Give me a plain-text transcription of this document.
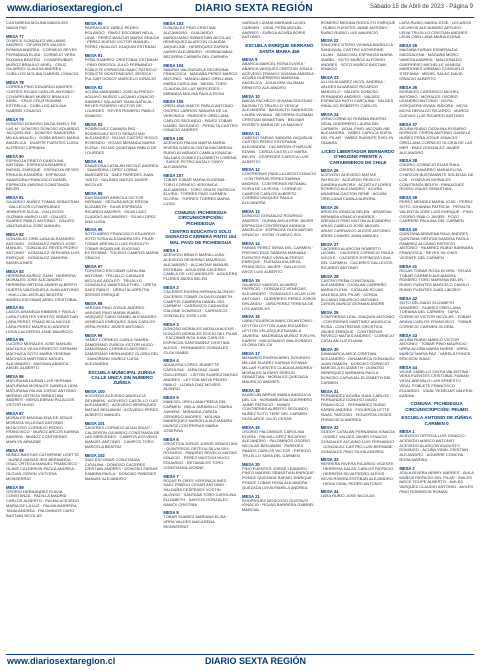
www.diariosextaregion.cl	DIARIO SEXTA REGIÓN	Sábado 15 de Abril de 2023 - Página 9
CASTAÑEDA MOLINA MADOLEIS NADIA PAZ
MESA 77
OYARCE GONZALEZ WILLIAMS ANDRES · CIFUENTES VALDES ROMINA ANDREA · CORNEJO REYES FERNANDA ELISA · CORNEJO VERA ROXANA BEATRIZ · COVARRUBIAS MUÑOZ BRAULIO ARIEL · CRUZ GAJARDO CLAUDIA ANDREA · CUBILLOS MOLINA GABRIEL IGNACIO
MESA 78
CORREA PINO EDUARDO ANDRES · CORTES ROJAS CARLOS ANTONIO · COVARRUBIAS MUÑOZ BRAULIO ARIEL · CRUZ CRUZ ROMINA ESTRELLA · CUBILLOS MOLINA GABRIEL IGNACIO
MESA 79
DONOSO DONOSO NILDA EMELY DE LAS M · DONOSO DONOSO EDUARDO JACQUELINE · DONOSO SAAVEDRA MILKA ARACELI · DOÑA BRAVO MARIA ANGELICA · DUARTE FUENTES LUISA ALFREDO CIPRIANA
MESA 80
ESPINOZA PRIETO CAROLINA ANTONIA · ESPINOZA RAMIREZ RAFAEL ENRIQUE · ESPINOZA REYES ERIKA ALEJANDRA · ESPINOZA SAAVEDRA FRANCISCO DANIEL · ESPINOZA VARGAS CONSTANZA BELEN
MESA 81
GAJARDO NUÑEZ TOMAS SEBASTIAN · GALLEGOS COVARRUBIAS JENNIFER ALEJA · GALLEGOS GUZMAN MARIO LUIS · GALVEZ SUAREZ PABLO ANTONIO · GALVEZ VALENZUELA JOSE MANUEL
MESA 82
GONZALEZ ORELLANA ALEJANDRO ANTONIO · GONZALEZ PARDO JOSE MANUEL · GONZALEZ REYES PEDRO ANTONIO · GONZALEZ VERGARA LUIS ENRIQUE · GONZALEZ ZAMORA ANGELA INES
MESA 83
HERRERA MUÑOZ JUAN · HERRERA MORALES JOSE ALEJANDRO · HERRERA ORTEGA JAVIER ALBERTO · HUERTA VALENZUELA JUAN ANTONIO · HUILLCAL ANTILAO BEATRIZ · IBARRA ESCOBAR ARIEL CRISTOBAL
MESA 84
LAGOS ARANEDA KIMBERLY PAOLA · LARA FUENTES VIENTOS SEBASTIAN · LARA PEREZ FRANCISCA NICOLE · LARA PEREZ MAURICIO ANDRES · LEIVA CALDERON JANE MAURICIO
MESA 85
LUCERO MORALES JOSE MANUEL · MACHUCA VEGA ERNESTO GERMAN · MACHUCA SOTO MARIA YESENIA · MACHUCA MARTINEZ MIGUEL ALEJANDRO · MAGNAN ABARCA ANGEL ALBERTO
MESA 86
MATURANA DURAN LUIS HERNAN · MATURANA MORALES DANIELA LIDIA · MATURANA PALMA JORGE ANTONIO · MERINO ORTEGA SEBASTIAN ANDRES · MERZLEBRAN PALACIOS VICTOR HUGO
MESA 87
MORALES MAGDALENA DE JESUS · MORAGA VILLEGAS ANTONIO · MOSCOSO CORNEJO PEDRO FRANCISCO · MUÑOZ ARCOS KARINA ANDREA · MUÑOZ CONTRERAS MARLYN ARIADNE
MESA 88
NUÑEZ BASTIAS CATHERINE LISETTE · NUÑEZ MASIAS IRIS BERNARDA · OSAC ORTEGA MANUEL FRANCISCO · OLAVE CALDERON PAOLA ANDREA · OLGUIN CERON VICTORIA MONSERRAT
MESA 89
OSORIO HERNANDEZ FLAVIA CONSTANZA · PADILLA MADRID CARLOS ALBERTO · PALMA ACEVEDO MARIA DE LA LUZ · PALMA BARRERA TANIA ANDREA · PALOMINOS CARO BASTIAN NICOLAS
MESA 90
PARRAGUEZ YAÑEZ PEDRO ROLANDO · PAVEZ ESCOBAR NELA LIDIA · PEREZ BASCUR MARIA GRACIA · PEREZ BUENO VICTOR MANUEL · PEREZ HIDALGO JOAQUIN ESTEBAN
MESA 91
PEÑA RAMIREZ CRISTOBAL ESTEBAN · PINO ORIOSOL JULIO FERNANDO · POBLETE ESPINOZA ISAAC PATRICIO · POBLETE MONTENEGRO JESSICA · PULGAR GODOY MARCELO IGNACIO
MESA 92
ACUÑA MARAMBIO JOSE ALFREDO · AGUAYO MUÑOZ LUCIANO IGNACIO · RAMIREZ SALAZAR TANIA NATALIA · REYES PIZARRO HECTOR DE LOURDES · REYES ROMERO PABLO IGNACIO
MESA 93
RODRIGUEZ CAMARA PAZ · RODRIGUEZ SOTO SEBASTIAN ALEJANDRO · ROJAS CASTRO ROCIO ROSENDO · ROJAS MIRANDA MARIA ELENA · ROJAS QUINTANA PABLO DE LOURDES
MESA 94
SAAVEDRA CATALAN NICOLE ANDREA · SAAVEDRA LOPEZ LORNA MARGARITA · SAEZ PAREDES JUAN JUSTO · SALINAS MATUS JAVIER NICOLAS
MESA 95
SANTANDER ARRIOLA VICTOR HERNAN · SEGURA ARCE ERESA ELIZABETH · SILVA ESPINOZA RICARDO ANDRES · SILVA LAZO CLAUDIO ALEJANDRO · SILVA LOPEZ ANA LUISA
MESA 96
SOTO ABRIO FRANCISCO EDUARDO · SOTO SOSA ALEJANDRA DEL PILAR · TOBAR AREVALO LUIS RODOLFO · TOBAR RIQUELME EUGENIO ESTEFANIA · TOLEDO CAMPOS MARIA GRACIA
MESA 97
TOROSSO ESCOBAR CATALINA ANTONIA · TRUJILLO CANALES NICOLAS ADOLFO · TRUJILLO GONZALEZ VANESSA ETHEL · URETA SAEZ PABLO · URRUTIA URRUTIA SERGIO ENRIQUE
MESA 98
VARGAS PINO JOSUE ANDRES · VARGAS PINO MARIA ISABEL · VASQUEZ CARO DANIEL ALEJANDRO · VENEGAS ENRIQUEZ JUAN CARLOS · VERA PEREZ JAVIER ANTONIO
MESA 99
YAÑEZ CORNEJO CARLA YANIRA · ZAMORANO ZUÑIGA VICTOR HUGO · ZAMORANO CORNEJO ANTONIO · ZAMORANO HERNANDEZ GLORIA DEL · ZAMORANO MUÑOZ LUISA ALEJANDRA
ESCUELA MUNICIPAL ZUÑIGA CALLE UNICA SIN NUMERO ZUÑIGA
MESA 100
ACEVEDO ACEVEDO ANGELICA DEYANIRA · ACEVEDO CASTILLO LUIS ALEJANDRO · ACEVEDO HENRIQUEZ MATIAS BENJAMIN · ACEVEDO PEREZ ALBERTO MANUEL
MESA 101
CACERES CORNEJO ADAN ISAAC · CALDERON GAJARDO CONSTANZA DE LAS MERCEDES · CAMPOS ACEVEDO MANUEL ANTONIO · CAMPOS TORO MARCELA BEATRIZ
MESA 102
DIAZ ESCOBAR CONSTANZA CATALINA · DONOSO CACERES CRISTIAN ANDRES · DONOSO FARIAS SANDRA PAOLA · DONOSO PAREDES MANUEL ALEJANDRO
MESA 103
GONZALEZ PINO CRISTIAN ALEJANDRO · GUAJARDO MANDUJANO SEBASTIAN NICOLAS · HENRIQUEZ ALARCON CLAUDIA JAQUELINE · HENRIQUEZ ZAPATA JAVIER ALEJANDRO · HORMAZABAL BECERRA CARMEN DEL CARMEN
MESA 104
MADRID VALENZUELA GEORGINA FRANCISCA · MAGAÑA PEREZ MARCO ANTONIO · MANDUJANO ORELLANA MARIA CAROLINA · MEDEL TORO CLAUDIA DE LAS MERCEDES · MIRANDA MOLINA PAOLA ROSA
MESA 105
ORELLANA VIAETE PABLO ANTONIO · OSORIO LARRON SANDRA DE LA VERONICA · PAREDES ORELLANA CARLOS SEGUNDO · PAVEZ TOBAR DANIEL SEGUNDO · PERALTA CASTRO IGNACIO ANDRES
MESA 106
ACEVEDO PALMA MARTA MARIA · RIVERA GARCIA CINTIA MACARENA · RUBIO ALVARADO CAMILA IGNACIA · SALDIAS GOMEZ ELIZABETH LORENA · SARCE PETRO NATALY CINDY ALEJANDRA
MESA 107
TOBAR TOBAR MARIA EUGENIA · TORO CORNEJO VERONICA ALEJANDRA · TORO ORATE PATRICIA ELVIRA · TORRES PINO CARMEN GLORIA · TORRES TORRES MARIA LUISA
COMUNA: PICHIDEGUA CIRCUNSCRIPCIÓN: PICHIDEGUA
CENTRO EDUCATIVO SOLO SIGNACIO CARRERA PINTO 164 MAL PASO DE PICHIDEGUA
MESA 1
ACEVEDO BRAVO MARIA LUISA · ACEVEDO SEVERINO MAURICIO ALEJANDRO · ALCANTAR MANUEL ESTEBAN · AGUILERA CACERES CAMILA DE LOS ANGELES · AGUILERA FLORES MARIA BELEN
MESA 2
CACERES RIVERA HERNAN ALONSO · CACERES TOBAR OLGA ELIZABETH · CAMPOS CABRERA DANIEL DEL CARMEN · CARRASCO CADAVIDA GALOME DOMINGO · CARRASCO GONZALEZ JOSE LUIS
MESA 3
DONOSO MORALES NATALIA ALEXIS · DONOSO MORALES ROCIO DEL PILAR · ESCOBAR ROA JUAN CARLOS · ESPINOZA SANTIBAÑEZ CRISTIAN ALEXIS · FERNANDEZ GONZALEZ OLGA ISABEL
MESA 4
AGUILERA LOPEZ JEANETTE CAROLINA · JARA DIAZ JUAN GUILLERMO · LISTON SUAREZ MATIAS ANDRES · LEYTON MOYA PEDRO PABLO · LIZANA DIAZ MOISES ALONSO
MESA 5
MARCIEL ORELLANA FREDA DEL CARMEN · MELA JARAMILLO MARIA JAVIERA · MIRANDA ZAPATA GERARDO ANDRES · MOLINA MANRIQUEZ MARCELA ALEJANDRA · MUNOZ CONTRERAS MARIA JOSEFINA
MESA 6
OROSTICA JORGE JORGE SEBASTIAN · QUINTEROS ORTEGA SILVIA DEL ROSARIO · PANDINO REVECO MATIAS IGNACIO · PEREZ MASTICH HUGO EDUARDO · RETAMALES TORO CONSTANZA IVONNE
MESA 7
ROJAS FLORES VERONICA INES · SAEZ PINEDO CESAR ANTONIO · SALDAÑA CESPEDES YOSTIN ALONSO · SANTANA TORO CAROLINA ELIZABETH · SANTOS GONZALEZ NANCY CRISTINA
MESA 8
TOBAR SUAREZ MARIANA ELISA · URRA VALDES MACARENA MONSERRAT
VARGAS LIZANA MARIANELA DEL CARMEN · VIDAL PEÑA MIGUEL ANDRES · ZUÑIGA ACUÑA BORIS ANTONIO
ESCUELA ENRIQUE SERRANO SANTA MARIA 456
MESA 9
ABARCA MARCEL ROSA ELVIRA · ABARCA VASQUEZ CRISTIAN JONAS · ACEVEDO FRANCO VIVIANA ANDREA · ACUÑA GUERRERO MARIANA ANGELICA · AGUILERA GUZMAN ERNESTO ALEJANDRO
MESA 10
BAEZA PACHECO VIVIANA SOLEDAD · BASUALTO TRUJILLO YESICA ALEJANDRA · BASUALTO SANHUEZA LAURA VIVIANA · BECERRA GUZMAN CRISTIAN SEBASTIAN · BELMAR ROSSETI MARIA DE LA MAGALY
MESA 11
CABEDO TAPIAS SANDRA YAQUELIN · CASTRO PEREZ ESTEFANIA ALEJANDRA · CALDERON OYARZUN EDWIN · CERDA CASTILLO MARIA BELEN · CESPEDES CAROCA LUIS ALBERTO
MESA 12
CONTRERAS PADILLA DIEGO IGNACIO · CONTRERAS PEREZ KARINA ANDREA · CONTRERAS RETAMAL SOFIA DE LA ROSA · CORNEJO CAMPOS CARLOS ALBERTO · CORREA VASQUEZ PAULA ALEJANDRA
MESA 13
DONOSO GONZALEZ RODRIGO ANDRES · DURAN AVILA ERIK JAVIER · ESPINOZA CONTRERAS MONICA ANGELICA · ESPINOZA OLEA MATIAS IGNACIO · ESTAY OYARZO SOL
MESA 14
FARIAS PEREZ SENIA DEL CARMEN · FRESNO RUIZ SANDRA MARIANA · FUENTES PAEZ VERA ALFREDO ENRIQUE · FUENZALIDA MEZA FRANCISCO JAVIER · GALLEGOS ARCE LUIS ALBERTO
MESA 15
GAJARDO MARCEL ALVAREZ PATRICIO · GONZALEZ VENEGAS ALEJANDRO · GONZALEZ LUCAS LUIS ANTONIO · GUERRERO PEREZ JORGE ORLANDO · JARA PEREZ TERESA DE LOS ANGELES
MESA 16
LARA FIGUEROA MARCOS ANTONIO · LEYTON LEYTON JUAN EDUARDO · LEYTON VELASQUEZ DANIELA JAVIERA · MADRIAGA MUÑOZ EVELYN KAREN · MALDONADO MALDONADO GLORIA DEL CA
MESA 17
MENARES RIVERA ARIEL RODRIGO · MILLAR SUAREZ KARINA YOVANA · MILLAR FUENTES CLAUDIA ANDREA · MORALES ALFARO SERGIO SEBASTIAN · MORALES QUEZADA MAURICIO ANDRES
MESA 18
ALARCON ARRUE MARIA ANGELICA DEL CA · NORAMBUENA GUERRERO JAIME PATRICIO · NUNEZ CONTRERAS ALBERTO SEGUNDO · NUÑEZ SOTO TERE DEL CARMEN · OLEA ARCE JULIO CESAR
MESA 19
OSORIO PALOMINOS CAROLINA ELVIRA · PALMA LOPEZ RICARDO ALEJANDRO · PALOMINOS OSORIO NICOLAS BENJAMIN · PAREDES RAMOS CARLOS VICTOR · PEREDO TRUJILLO SARA DEL CARMEN
MESA 20
PINO FUENTES JORGE LEANDRO · PINTO MADRID SEBASTIAN ENRIQUE · PONCE QUEZADA RAFAEL ENRIQUE · PONCE TOBAR ROSA ALEJANDRA · QUEZADA LEIVA PAMELA ANDREA
MESA 21
RODRIGUEZ MOSCOSO GUSTAVO IGNACIO · ROJAS BARRERA GABRIEL MARCIAL
ROMERO MEDINA RODOLFO ENRIQUE · RUBIO FUENTES JAIME ANTONIO · RUBIO RUBIO LUIS MAURICIO
MESA 22
SANCHEZ OTERO VIVIANA ANGELICA · SANDOVAL CASTRO KATHERINE LILIAN · SANDOVAL ESPINOZA MARIA ISABEL · SOTO MUÑOZ ALFONSO ANDRES · SOTO MUÑOZ BASTIAN IGNACIO
MESA 23
ULLOA ALVAREZ NICOL ANDREA · VALDES ALVARADO RICARDO MARCELO · VALDES DONOSO FERNANDO ANDRES · VALDES ESPINOZA RUTH CAROLINA · VALDES HIDALGO ROBERTO CARLOS
MESA 24
VERA CORNEJO ROMINA BEATRIZ · VIDAL GUERRERO LAURA DEL CARMEN · VIDAL PINO JACQUELINE ALEJANDRA · YAÑEZ CAROCA SOFIA DEL PILAR · YAÑEZ RUMINTE EVELYN TAMARA
LICEO LIBERTADOR BERNARDO O'HIGGINS FRENTE A CARABINEROS DE CHILE
MESA 25
ACEVEDO ACEVEDO MATIAS PATRICIO · ACEVEDO REVECO SANDRA AURORA · ACOSTA FLORES RODRIGO ALEJANDRO · ACUÑA ARAVENA GASTON RENE · ACUÑA ORELLANA CAMILA AURORA
MESA 26
ARDILES IGNACIA BELEN · ARAVENA MIRANDA IGNACIO ANDRES · AREVALO PINO MILTON ALEJANDRO · ARIAS CABELLO JOSE MIGUEL · ARIAS CARRASCO ALEXIS ANTONIO · ARIAS CHAVEZ JUAN MANUEL
MESA 27
CACERES ALARCON ROBERTO LEONEL · CACERES CORNEJO PAULA NICOLE · CACERES ESPINOZA LIDIA DEL CARMEN · CACERES GALLEGOS RICARDO ANTONIO
MESA 28
CASTRO PEÑA CONSTANZA ALEJANDRA · CATALAN CARREÑO MARIA ELENA · CATALAN ROJAS VALESKA DEL PILAR · CERDA ALCAINO MAURICIO ANTONIO · CERON MUÑOZ GERMAN ANDRE
MESA 29
CONTRERAS LEAL JOAQUIN ANTONIO · CONTRERAS MARTINEZ ANGELICA ROSA · CONTRERAS OROSTICA JAVIER ENRIQUE · CONTRERAS REVECO MATIAS ANDRES · CORNEJO CATALAN LUZ ELIANA
MESA 30
DINAMARCA ARCE CRISTIAN ALEJANDRO · DINAMARCA GONZALEZ JUAN RAMON · DONOSO CORNEJO MARCELA ELIZABETH · DONOSO HENRIQUEZ BARBARA PAOLA · DONOSO CARVAJAL ELIZABETH DEL CARMEN
MESA 31
FERNANDEZ ACUÑA JUAN CARLOS · FERNANDEZ DONOSO DAVID FRANCISCO · FERNANDEZ RUBIO KAREN ANDREA · FIGUEROA LETTE ISAAC TARCISIO · FIGUEROA OSSES FRANCISCA ANDREA
MESA 32
GODOY CATALAN FERNANDA IGNACIA · GOMEZ VALDES JAVIER IGNACIO · GONZALEZ ALCAINO LUIS FERNANDO · GONZALEZ CASTRO LUIS BERNABE · GONZALEZ PINO SILVIA ANDREA
MESA 33
HERRERA RIVERA RICARDO VICENTE · HERRERA SALAS CARLOS PATRICIO · HERRERA SILVA PEDRO ALEXIS · HEVIA RIVERA ESTEBAN ALEJANDRO · HEVIA VIDAL PEDRO ANTONIO
MESA 34
LARA RUBIO JOSE NICOLAS
LARA RUBIO MARIA JOSE · LECAROS LECAROS ALEJANDRO ARTURO · LEIVA TRUJILLO CRISTIAN ANDRES · LEON ORELLANA MARIA ELENA
MESA 35
MAGAÑA FARIAS ESMERALDA MAGDALENA · MAGAÑA MORO VANESA ANDREA · MALDONADO GUERRERO MICHELLE VANESA · MARDONES URBANO CONSUELO STEFANIA · MEDEL SALAS DAVID IGNACIO ALBERTO
MESA 36
MORALES CARRASCO MICHEL ANTONIO · MORALES OSORIO LEANDRO ANTONIO · MOYA JORQUERA VIVIAN ISIDORA · MOYA MOYA HERALDO RICARDO · MUÑOZ CUEVAS LUIS RICARDO ANTONIO
MESA 37
ACUÑA RUBIO CATALINA ROSARIO · NORIEGE CERON ANTONIO DANIELA · NUÑEZ PEÑA JOSUE IGNACIO · ORELLANA CORNEJO GLORIA DE LAS MER · PAEZ GONZALEZ JAVIER ALEJANDRO
MESA 38
OSORIO CORNEJO ELIAS RAUL · OSORIO NAVARRO MARIA ELISA · CYARZUN BUSTAMANTE SOLEDAD DE LOS · OYARZUN MORALES CONSTANZA BELEN · PANIAGUEZ ROSSO ISAIAS SEBASTIAN
MESA 39
PEREZ MENDEZ MARIA JOSE · PEREZ SOTO JOHANNA PATRICIA · PERALTA VALENTIN JOSE LUIS ENRIQUE · PINO OSORIO PABLO JAVIER · POZO CARRERE PAULINA DEL CARMEN
MESA 40
QUINTANA ARAVENA RAUL ANDRES · QUINTANA ORTEGA SANDRA PAOLA · RAMIREZ ALCAINO PATRICIO ANTONIO · RAMIREZ RUBIO BARBARA FRANCISCA · REYES VILCHES VICENTE DEL CARMEN
MESA 41
ROJAS TOBAR ROSA ELVIRA · ROJAS TOBAR CARMEN ALEJANDRA · ROMERO TORO MARIANA BELEN · RUBIO FUENTES MARCELO CAMILO · RUBIO FUENTES JUAN LIBORIO
MESA 42
SOTO DELGADO ELIZABETH NAVARRO · SUAREZ ORELLANA TORIANA DEL CARMEN · TAPIA CORNEJO VICTOR NICOLAS · TOBAR ARAYA CARLOS FRANCISCO · TOBAR CORNEJO CARMEN GLORIA
MESA 43
ACUÑA RUBIO MARCO VICTOR ANTONIO · TOBAR PINO MAURICIO · URRA ACUÑA MARIA NOEMI · URRA MUÑOZ MARIA PAZ · VARELA PONCE ERICSON ISAAC
MESA 44
VICAR CABELLO CINTIA VALENTINA · VERA FUENTES CRISTOBAL FABIAN · VIDAL AREVALO LUIS ERNESTO · VIDAL POBLETE FRANCISCO EDUARDO · VIDAL VENEGAS VALERIA KARINA
COMUNA: PICHIDEGUA CIRCUNSCRIPCIÓN: PEUMO
ESCUELA ANTONIO DE ZÚÑIGA CARMEN 0
MESA 1
ACEVEDO ORTEGA LUIS IGNACIO · ACEVEDO MARCO ANTONIO · ACEVEDO ALARCON AUGUSTO DOMINGO · ACUÑA VIDAL CRISTIAN ALEJANDRO · AGUIRRE CONCHA ROSA MARINA
MESA 2
ATALA RIVERA HENRY ANDRES · AVILA MUÑOZ PATRICIO DEL PILAR · AVILES NIECE FELIPE ALBERTO · AVILES VASQUEZ CLAUDIO ANTONIO · AVILES PINO ROBINSON ROMAN
www.diariosextaregion.cl	DIARIO SEXTA REGIÓN
